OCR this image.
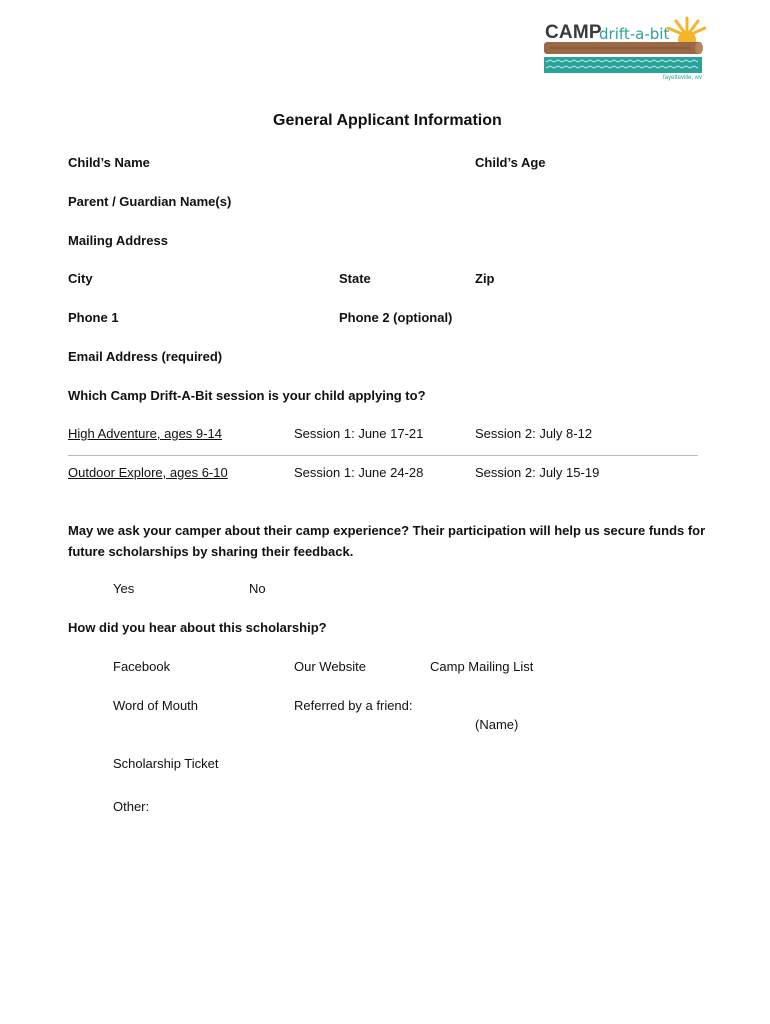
CAMP
drift-a-bit
fayetteville, wv
General Applicant Information
Child’s Name	Child’s Age
Parent / Guardian Name(s)
Mailing Address
City	State	Zip
Phone 1	Phone 2 (optional)
Email Address (required)
Which Camp Drift-A-Bit session is your child applying to?
High Adventure, ages 9-14	Session 1: June 17-21	Session 2: July 8-12
Outdoor Explore, ages 6-10	Session 1: June 24-28	Session 2: July 15-19
May we ask your camper about their camp experience? Their participation will help us secure funds for future scholarships by sharing their feedback.
Yes	No
How did you hear about this scholarship?
Facebook	Our Website	Camp Mailing List
Word of Mouth	Referred by a friend:
(Name)
Scholarship Ticket
Other:
